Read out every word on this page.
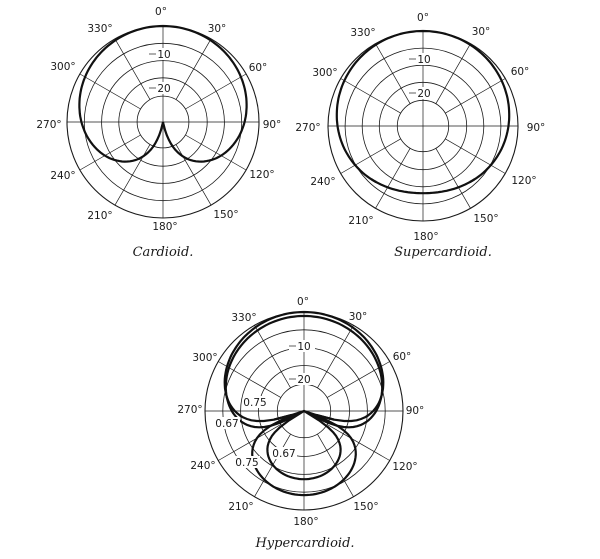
0°
30°
60°
90°
120°
150°
180°
210°
240°
270°
300°
330°
10
20
Cardioid.
0°
30°
60°
90°
120°
150°
180°
210°
240°
270°
300°
330°
10
20
Supercardioid.
0°
30°
60°
90°
120°
150°
180°
210°
240°
270°
300°
330°
10
20
0.75
0.67
0.75
0.67
Hypercardioid.
